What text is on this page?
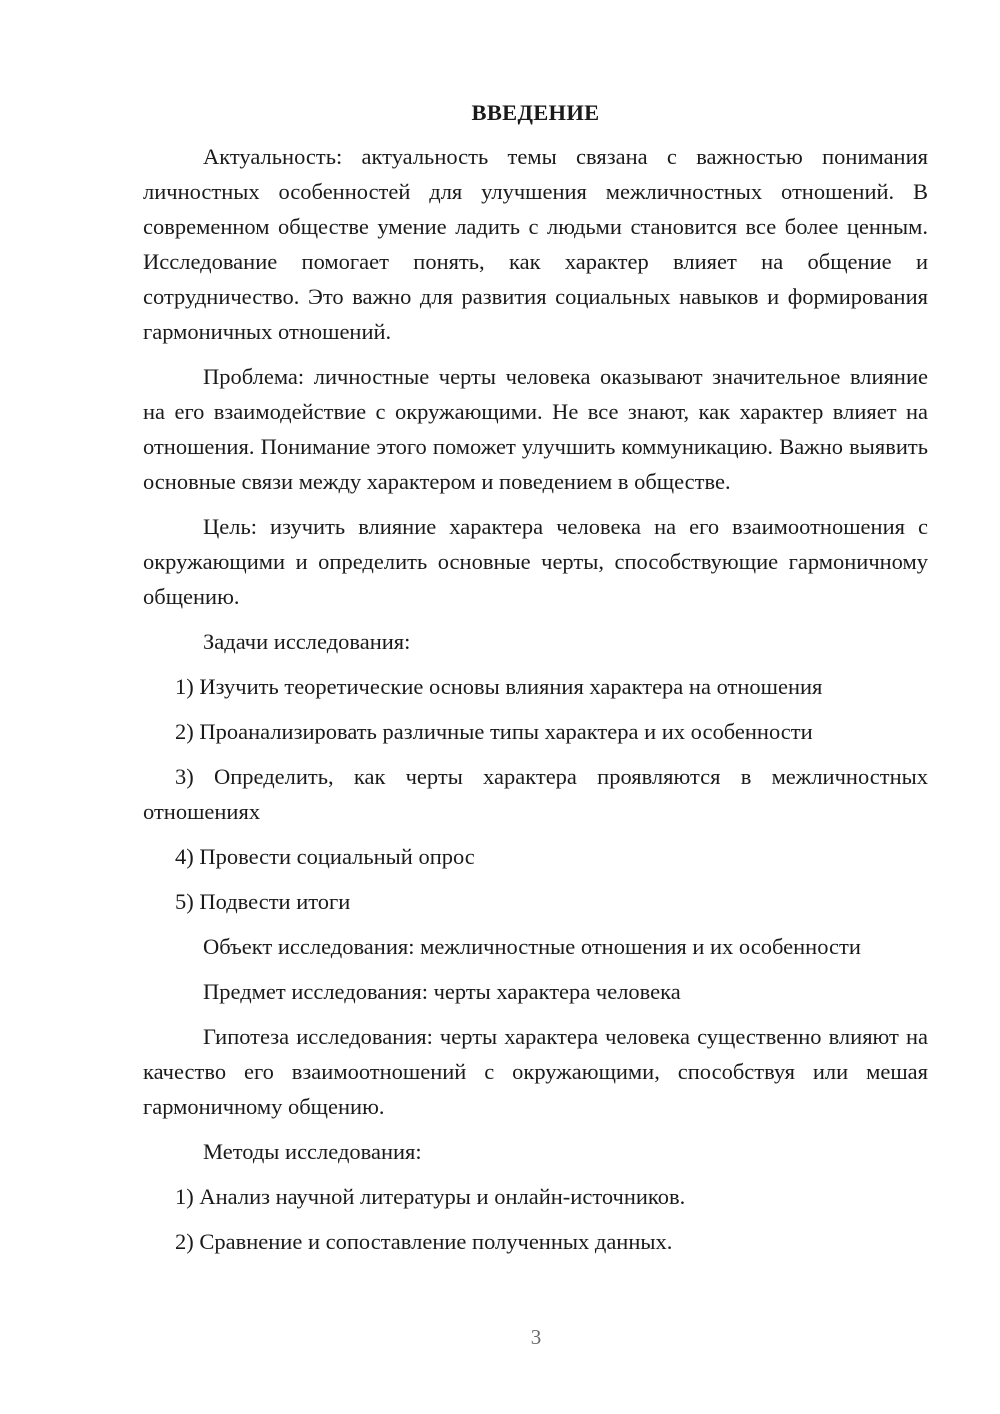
ВВЕДЕНИЕ
Актуальность: актуальность темы связана с важностью понимания личностных особенностей для улучшения межличностных отношений. В современном обществе умение ладить с людьми становится все более ценным. Исследование помогает понять, как характер влияет на общение и сотрудничество. Это важно для развития социальных навыков и формирования гармоничных отношений.
Проблема: личностные черты человека оказывают значительное влияние на его взаимодействие с окружающими. Не все знают, как характер влияет на отношения. Понимание этого поможет улучшить коммуникацию. Важно выявить основные связи между характером и поведением в обществе.
Цель: изучить влияние характера человека на его взаимоотношения с окружающими и определить основные черты, способствующие гармоничному общению.
Задачи исследования:
1) Изучить теоретические основы влияния характера на отношения
2) Проанализировать различные типы характера и их особенности
3) Определить, как черты характера проявляются в межличностных отношениях
4) Провести социальный опрос
5) Подвести итоги
Объект исследования: межличностные отношения и их особенности
Предмет исследования: черты характера человека
Гипотеза исследования: черты характера человека существенно влияют на качество его взаимоотношений с окружающими, способствуя или мешая гармоничному общению.
Методы исследования:
1) Анализ научной литературы и онлайн-источников.
2) Сравнение и сопоставление полученных данных.
3
